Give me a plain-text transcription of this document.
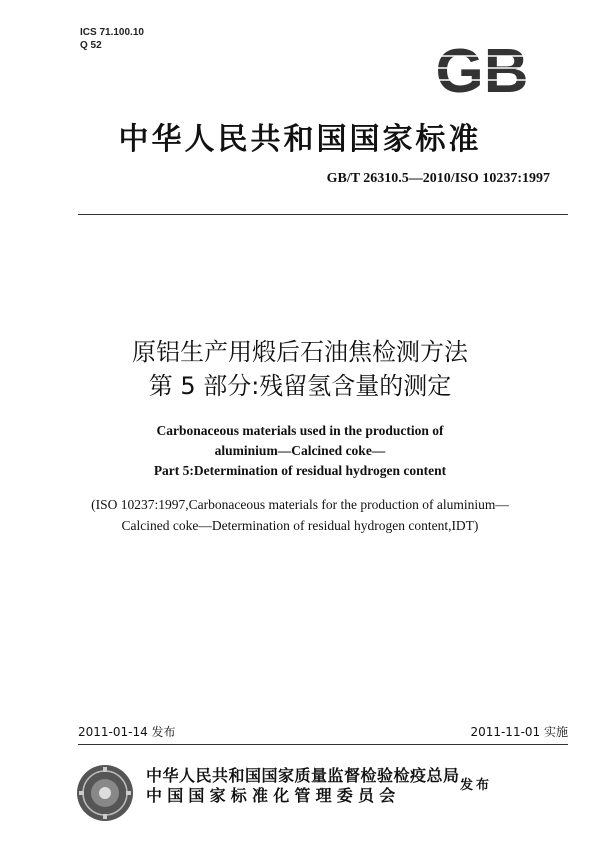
ICS 71.100.10
Q 52	GB
中华人民共和国国家标准
GB/T 26310.5—2010/ISO 10237:1997
原铝生产用煅后石油焦检测方法
第 5 部分:残留氢含量的测定
Carbonaceous materials used in the production of
aluminium—Calcined coke—
Part 5:Determination of residual hydrogen content
(ISO 10237:1997,Carbonaceous materials for the production of aluminium—
Calcined coke—Determination of residual hydrogen content,IDT)
2011-01-14 发布	2011-11-01 实施
中华人民共和国国家质量监督检验检疫总局
中国国家标准化管理委员会
发布
